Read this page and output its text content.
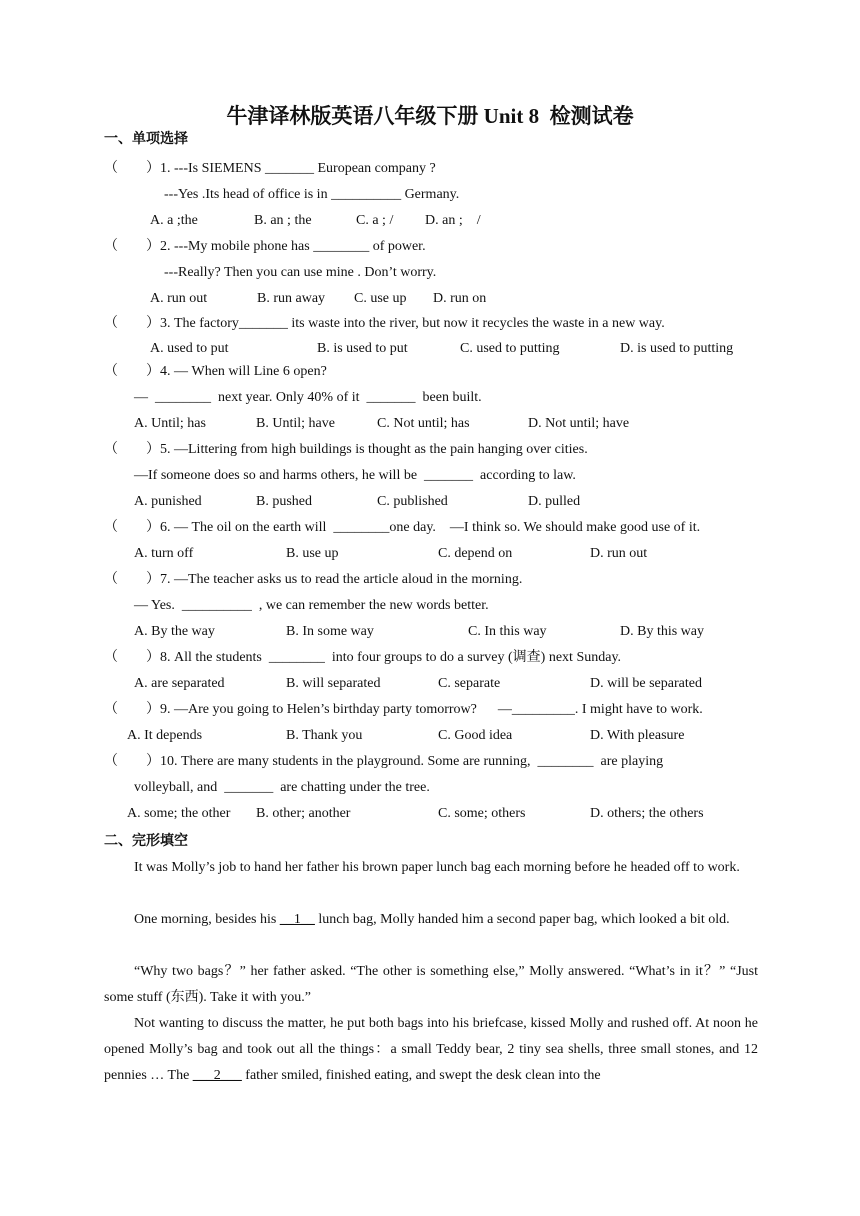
牛津译林版英语八年级下册 Unit 8  检测试卷
一、单项选择
（　　）1. ---Is SIEMENS _______ European company ?
---Yes .Its head of office is in __________ Germany.
A. a ;the	B. an ; the	C. a ; / D. an ;　/
（　　）2. ---My mobile phone has ________ of power.
---Really? Then you can use mine . Don’t worry.
A. run out	B. run away C. use up D. run on
（　　）3. The factory_______ its waste into the river, but now it recycles the waste in a new way.
A. used to put	B. is used to put	C. used to putting	D. is used to putting
（　　）4. — When will Line 6 open?
—  ________  next year. Only 40% of it  _______  been built.
A. Until; has	B. Until; have	C. Not until; has	D. Not until; have
（　　）5. —Littering from high buildings is thought as the pain hanging over cities.
—If someone does so and harms others, he will be  _______  according to law.
A. punished	B. pushed	C. published	D. pulled
（　　）6. — The oil on the earth will  ________one day.    —I think so. We should make good use of it.
A. turn off	B. use up	C. depend on	D. run out
（　　）7. —The teacher asks us to read the article aloud in the morning.
— Yes.  __________  , we can remember the new words better.
A. By the way	B. In some way	C. In this way	D. By this way
（　　）8. All the students  ________  into four groups to do a survey (调查) next Sunday.
A. are separated	B. will separated	C. separate	D. will be separated
（　　）9. —Are you going to Helen’s birthday party tomorrow?      —_________. I might have to work.
A. It depends	B. Thank you	C. Good idea	D. With pleasure
（　　）10. There are many students in the playground. Some are running,  ________  are playing
volleyball, and  _______  are chatting under the tree.
A. some; the other B. other; another	C. some; others	D. others; the others
二、完形填空
It was Molly’s job to hand her father his brown paper lunch bag each morning before he headed off to work.
One morning, besides his __1__ lunch bag, Molly handed him a second paper bag, which looked a bit old.
“Why two bags？” her father asked. “The other is something else,” Molly answered. “What’s in it？” “Just some stuff (东西). Take it with you.”
Not wanting to discuss the matter, he put both bags into his briefcase, kissed Molly and rushed off. At noon he opened Molly’s bag and took out all the things：a small Teddy bear, 2 tiny sea shells, three small stones, and 12 pennies … The ___2___ father smiled, finished eating, and swept the desk clean into the
